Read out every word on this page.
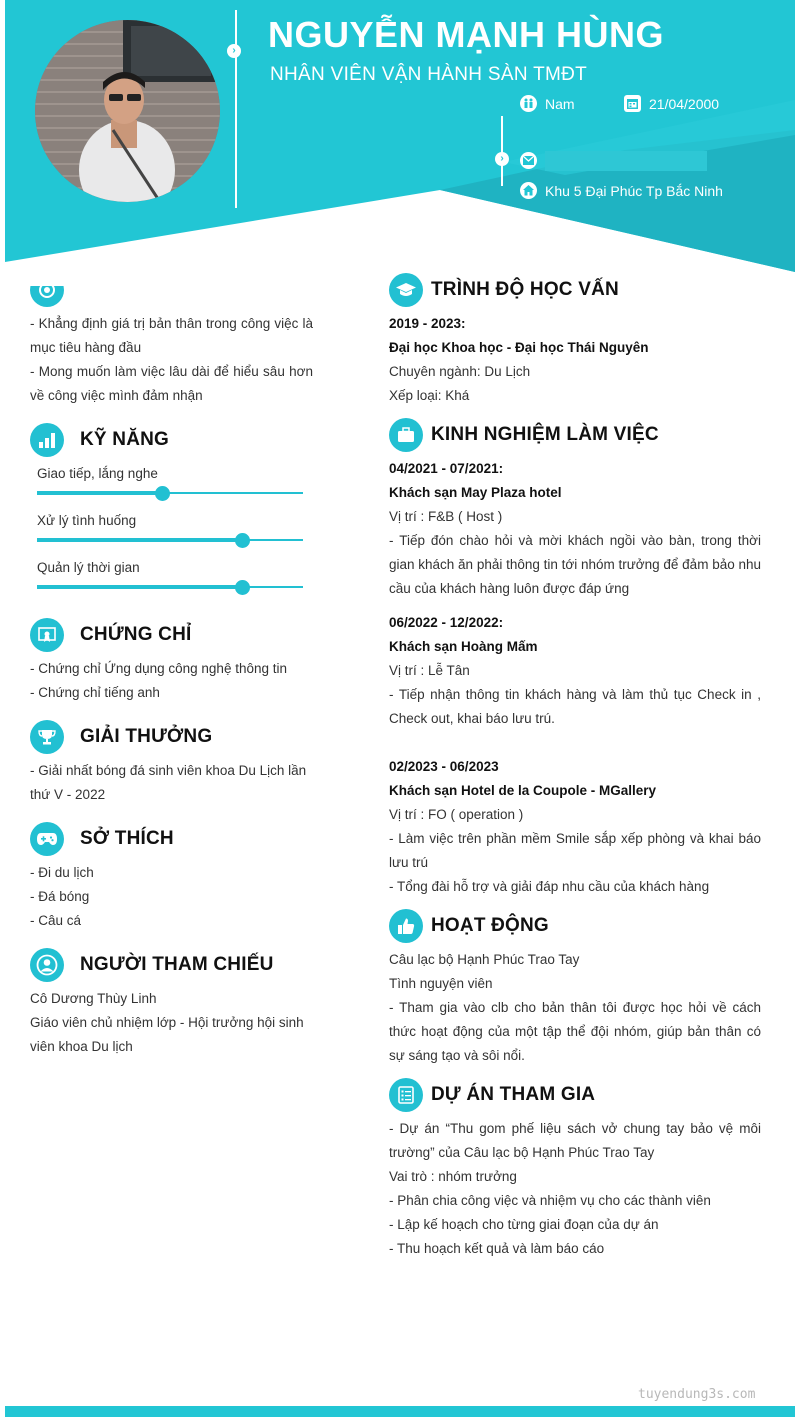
›
›
NGUYỄN MẠNH HÙNG
NHÂN VIÊN VẬN HÀNH SÀN TMĐT
Nam	21/04/2000
Khu 5 Đại Phúc Tp Bắc Ninh
- Khẳng định giá trị bản thân trong công việc là mục tiêu hàng đầu
- Mong muốn làm việc lâu dài để hiểu sâu hơn về công việc mình đảm nhận
KỸ NĂNG
Giao tiếp, lắng nghe
Xử lý tình huống
Quản lý thời gian
CHỨNG CHỈ
- Chứng chỉ Ứng dụng công nghệ thông tin
- Chứng chỉ tiếng anh
GIẢI THƯỞNG
- Giải nhất bóng đá sinh viên khoa Du Lịch lần thứ V - 2022
SỞ THÍCH
- Đi du lịch
- Đá bóng
- Câu cá
NGƯỜI THAM CHIẾU
Cô Dương Thùy Linh
Giáo viên chủ nhiệm lớp - Hội trưởng hội sinh viên khoa Du lịch
TRÌNH ĐỘ HỌC VẤN
2019 - 2023:
Đại học Khoa học - Đại học Thái Nguyên
Chuyên ngành: Du Lịch
Xếp loại: Khá
KINH NGHIỆM LÀM VIỆC
04/2021 - 07/2021:
Khách sạn May Plaza hotel
Vị trí : F&B ( Host )
- Tiếp đón chào hỏi và mời khách ngồi vào bàn, trong thời gian khách ăn phải thông tin tới nhóm trưởng để đảm bảo nhu cầu của khách hàng luôn được đáp ứng
06/2022 - 12/2022:
Khách sạn Hoàng Mấm
Vị trí : Lễ Tân
- Tiếp nhận thông tin khách hàng và làm thủ tục Check in , Check out, khai báo lưu trú.
02/2023 - 06/2023
Khách sạn Hotel de la Coupole - MGallery
Vị trí : FO ( operation )
- Làm việc trên phần mềm Smile sắp xếp phòng và khai báo lưu trú
- Tổng đài hỗ trợ và giải đáp nhu cầu của khách hàng
HOẠT ĐỘNG
Câu lạc bộ Hạnh Phúc Trao Tay
Tình nguyện viên
- Tham gia vào clb cho bản thân tôi được học hỏi về cách thức hoạt động của một tập thể đội nhóm, giúp bản thân có sự sáng tạo và sôi nổi.
DỰ ÁN THAM GIA
- Dự án “Thu gom phế liệu sách vở chung tay bảo vệ môi trường” của Câu lạc bộ Hạnh Phúc Trao Tay
Vai trò : nhóm trưởng
- Phân chia công việc và nhiệm vụ cho các thành viên
- Lập kế hoạch cho từng giai đoạn của dự án
- Thu hoạch kết quả và làm báo cáo
tuyendung3s.com
